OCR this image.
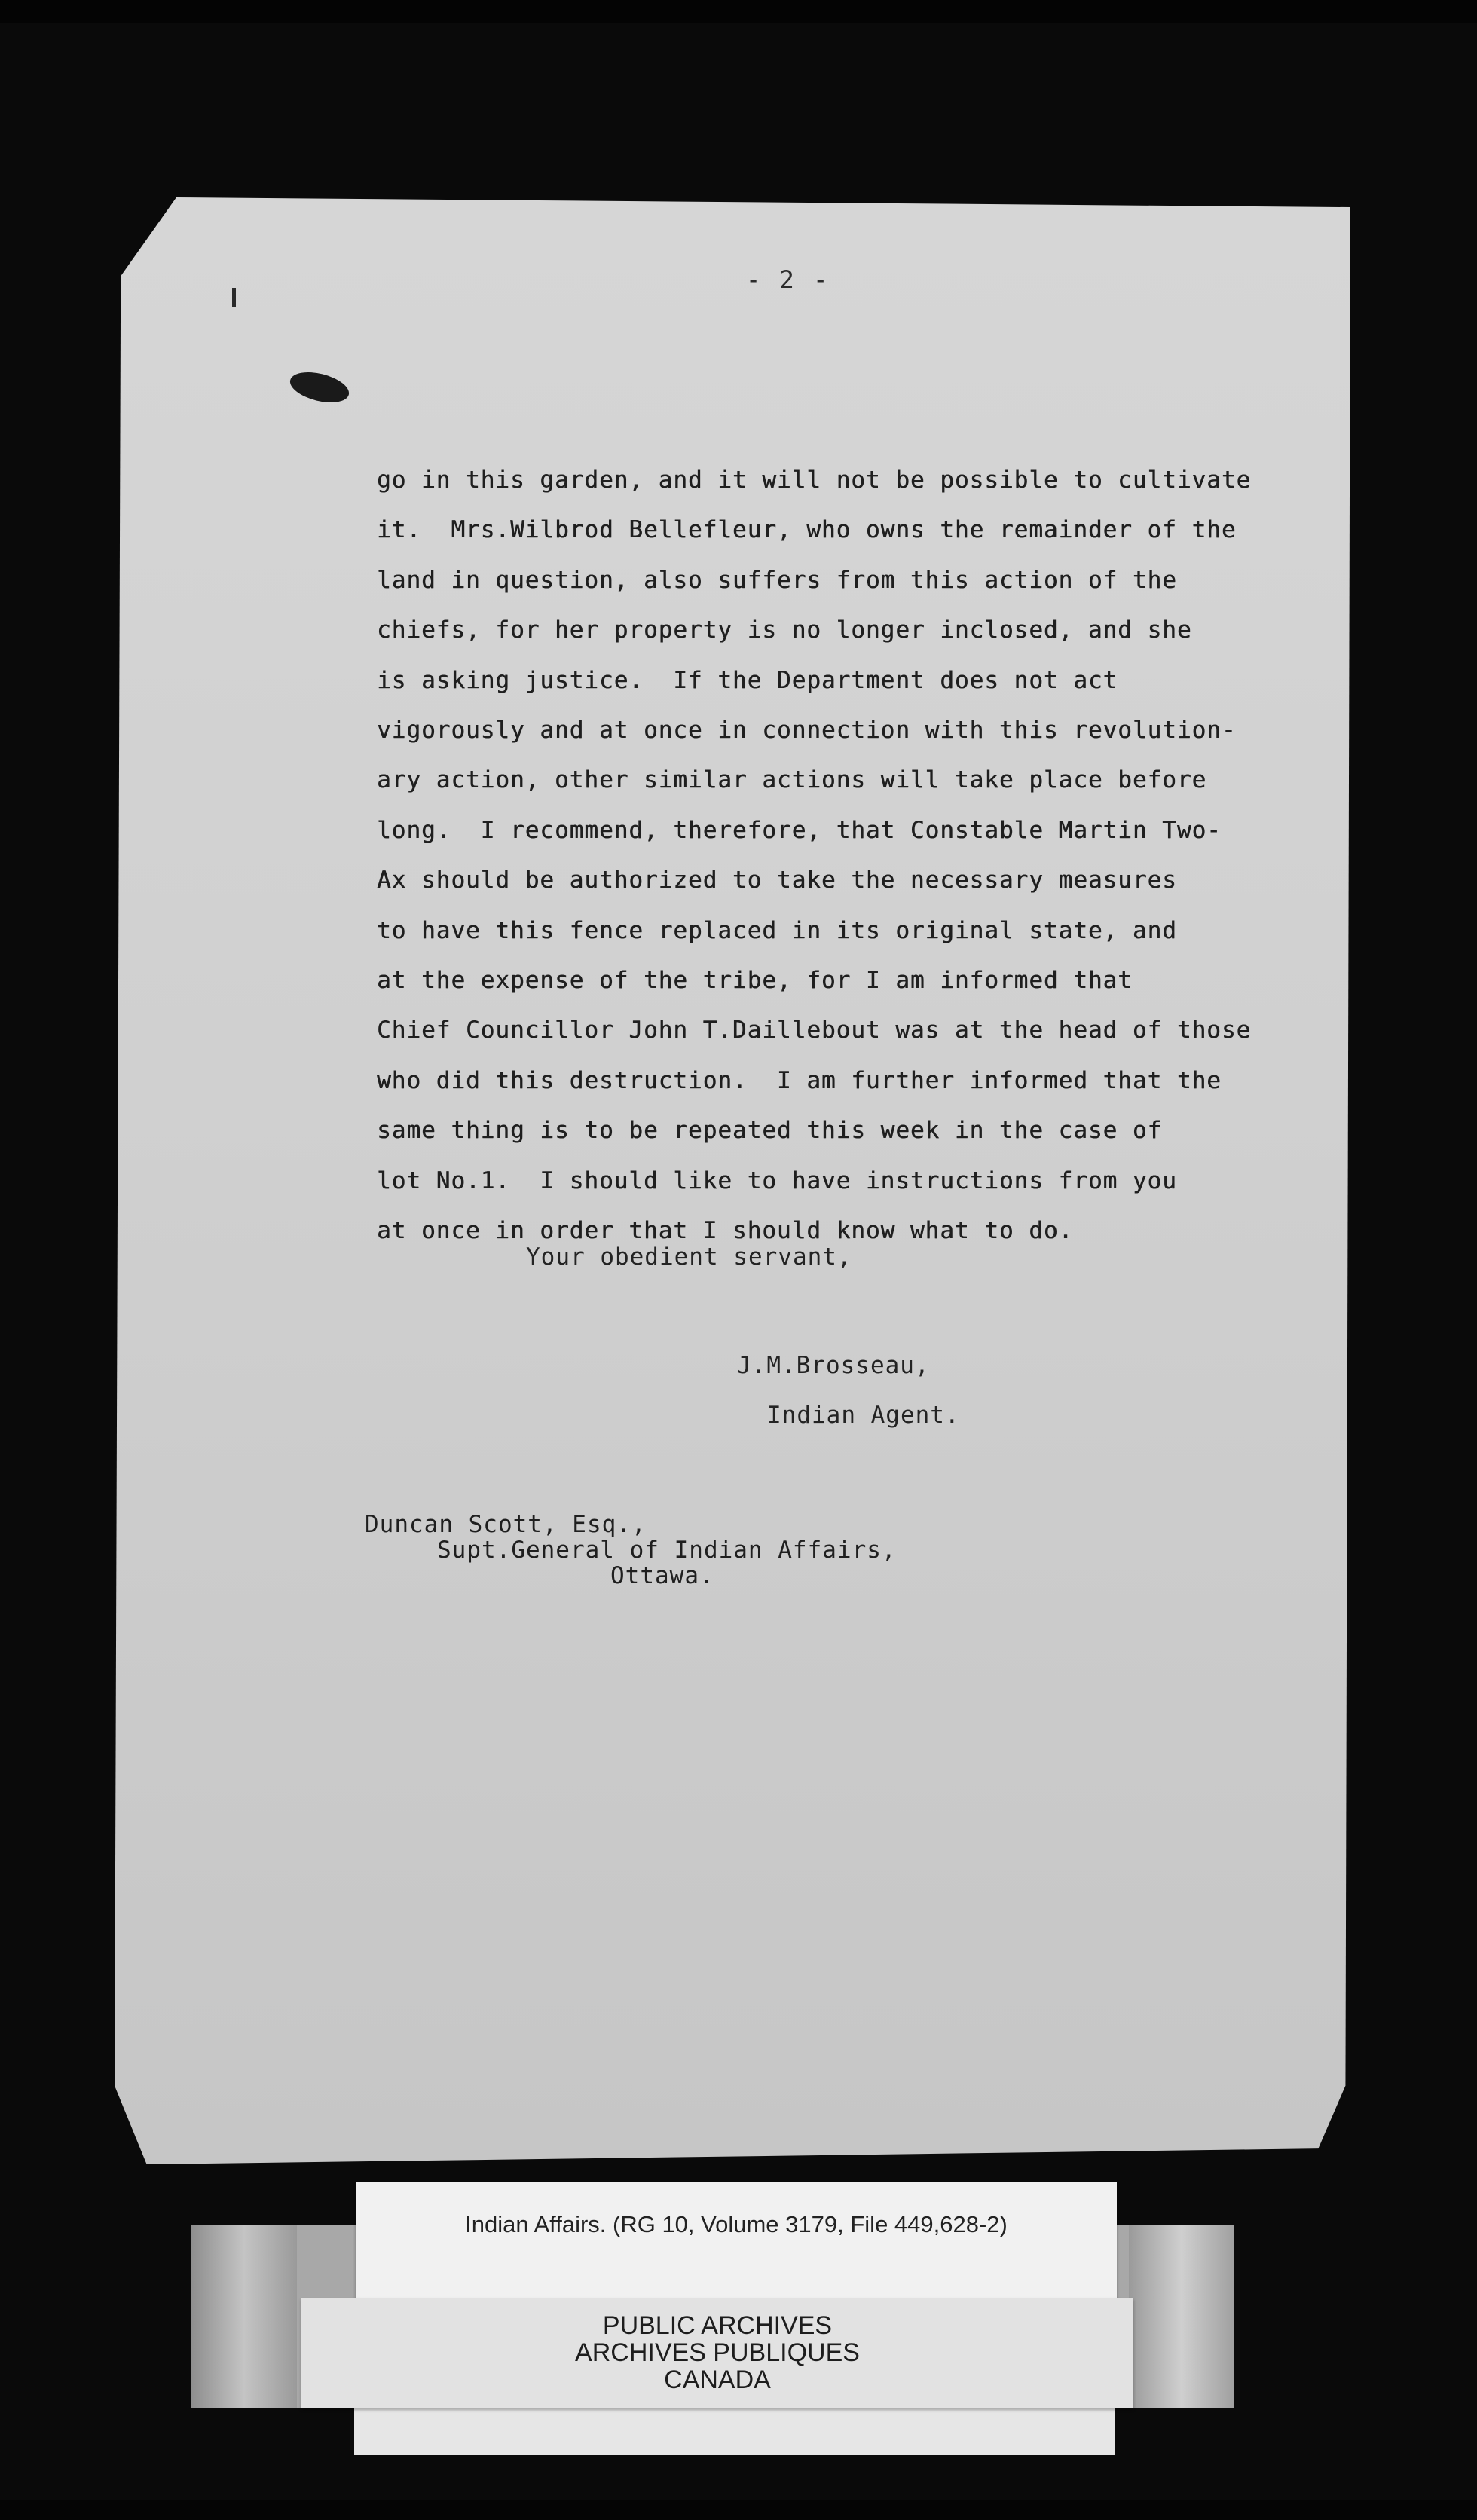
- 2 -
go in this garden, and it will not be possible to cultivate
it.  Mrs.Wilbrod Bellefleur, who owns the remainder of the
land in question, also suffers from this action of the
chiefs, for her property is no longer inclosed, and she
is asking justice.  If the Department does not act
vigorously and at once in connection with this revolution-
ary action, other similar actions will take place before
long.  I recommend, therefore, that Constable Martin Two-
Ax should be authorized to take the necessary measures
to have this fence replaced in its original state, and
at the expense of the tribe, for I am informed that
Chief Councillor John T.Daillebout was at the head of those
who did this destruction.  I am further informed that the
same thing is to be repeated this week in the case of
lot No.1.  I should like to have instructions from you
at once in order that I should know what to do.
Your obedient servant,
J.M.Brosseau,
Indian Agent.
Duncan Scott, Esq.,
Supt.General of Indian Affairs,
Ottawa.
Indian Affairs. (RG 10, Volume 3179, File 449,628-2)
PUBLIC ARCHIVES
ARCHIVES PUBLIQUES
CANADA
